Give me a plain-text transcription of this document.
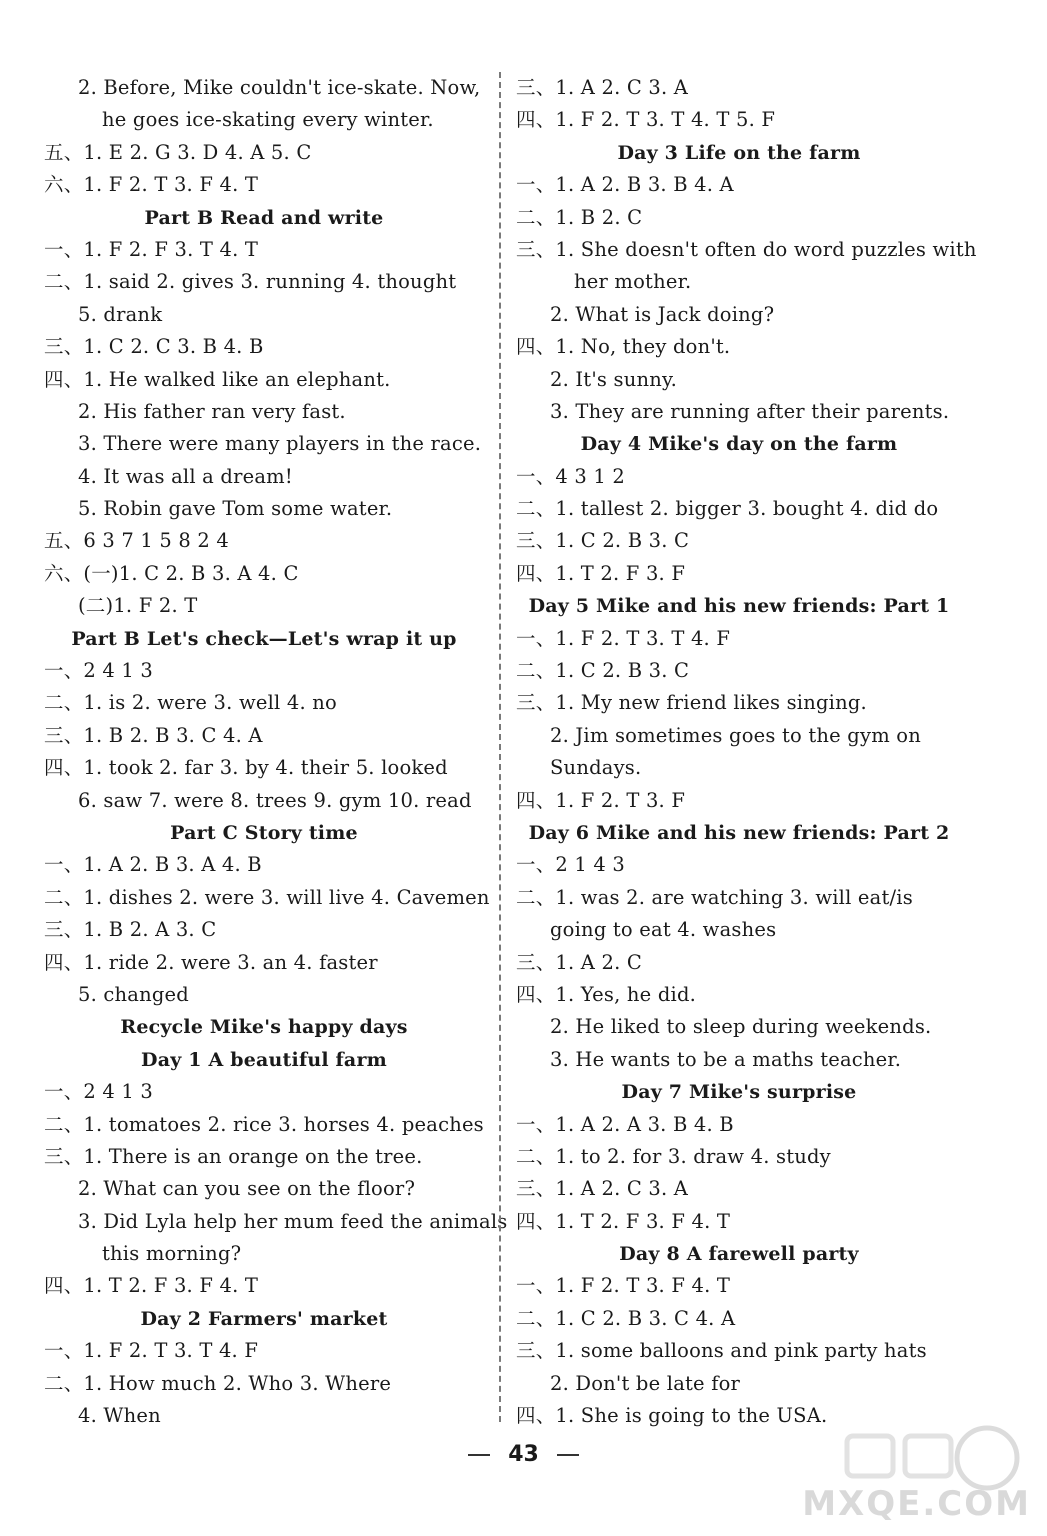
2. Before, Mike couldn't ice-skate. Now,
he goes ice-skating every winter.
五、1. E 2. G 3. D 4. A 5. C
六、1. F 2. T 3. F 4. T
Part B Read and write
一、1. F 2. F 3. T 4. T
二、1. said 2. gives 3. running 4. thought
5. drank
三、1. C 2. C 3. B 4. B
四、1. He walked like an elephant.
2. His father ran very fast.
3. There were many players in the race.
4. It was all a dream!
5. Robin gave Tom some water.
五、6 3 7 1 5 8 2 4
六、(一)1. C 2. B 3. A 4. C
(二)1. F 2. T
Part B Let's check—Let's wrap it up
一、2 4 1 3
二、1. is 2. were 3. well 4. no
三、1. B 2. B 3. C 4. A
四、1. took 2. far 3. by 4. their 5. looked
6. saw 7. were 8. trees 9. gym 10. read
Part C Story time
一、1. A 2. B 3. A 4. B
二、1. dishes 2. were 3. will live 4. Cavemen
三、1. B 2. A 3. C
四、1. ride 2. were 3. an 4. faster
5. changed
Recycle Mike's happy days
Day 1 A beautiful farm
一、2 4 1 3
二、1. tomatoes 2. rice 3. horses 4. peaches
三、1. There is an orange on the tree.
2. What can you see on the floor?
3. Did Lyla help her mum feed the animals
this morning?
四、1. T 2. F 3. F 4. T
Day 2 Farmers' market
一、1. F 2. T 3. T 4. F
二、1. How much 2. Who 3. Where
4. When
三、1. A 2. C 3. A
四、1. F 2. T 3. T 4. T 5. F
Day 3 Life on the farm
一、1. A 2. B 3. B 4. A
二、1. B 2. C
三、1. She doesn't often do word puzzles with
her mother.
2. What is Jack doing?
四、1. No, they don't.
2. It's sunny.
3. They are running after their parents.
Day 4 Mike's day on the farm
一、4 3 1 2
二、1. tallest 2. bigger 3. bought 4. did do
三、1. C 2. B 3. C
四、1. T 2. F 3. F
Day 5 Mike and his new friends: Part 1
一、1. F 2. T 3. T 4. F
二、1. C 2. B 3. C
三、1. My new friend likes singing.
2. Jim sometimes goes to the gym on
Sundays.
四、1. F 2. T 3. F
Day 6 Mike and his new friends: Part 2
一、2 1 4 3
二、1. was 2. are watching 3. will eat/is
going to eat 4. washes
三、1. A 2. C
四、1. Yes, he did.
2. He liked to sleep during weekends.
3. He wants to be a maths teacher.
Day 7 Mike's surprise
一、1. A 2. A 3. B 4. B
二、1. to 2. for 3. draw 4. study
三、1. A 2. C 3. A
四、1. T 2. F 3. F 4. T
Day 8 A farewell party
一、1. F 2. T 3. F 4. T
二、1. C 2. B 3. C 4. A
三、1. some balloons and pink party hats
2. Don't be late for
四、1. She is going to the USA.
43
MXQE.COM
